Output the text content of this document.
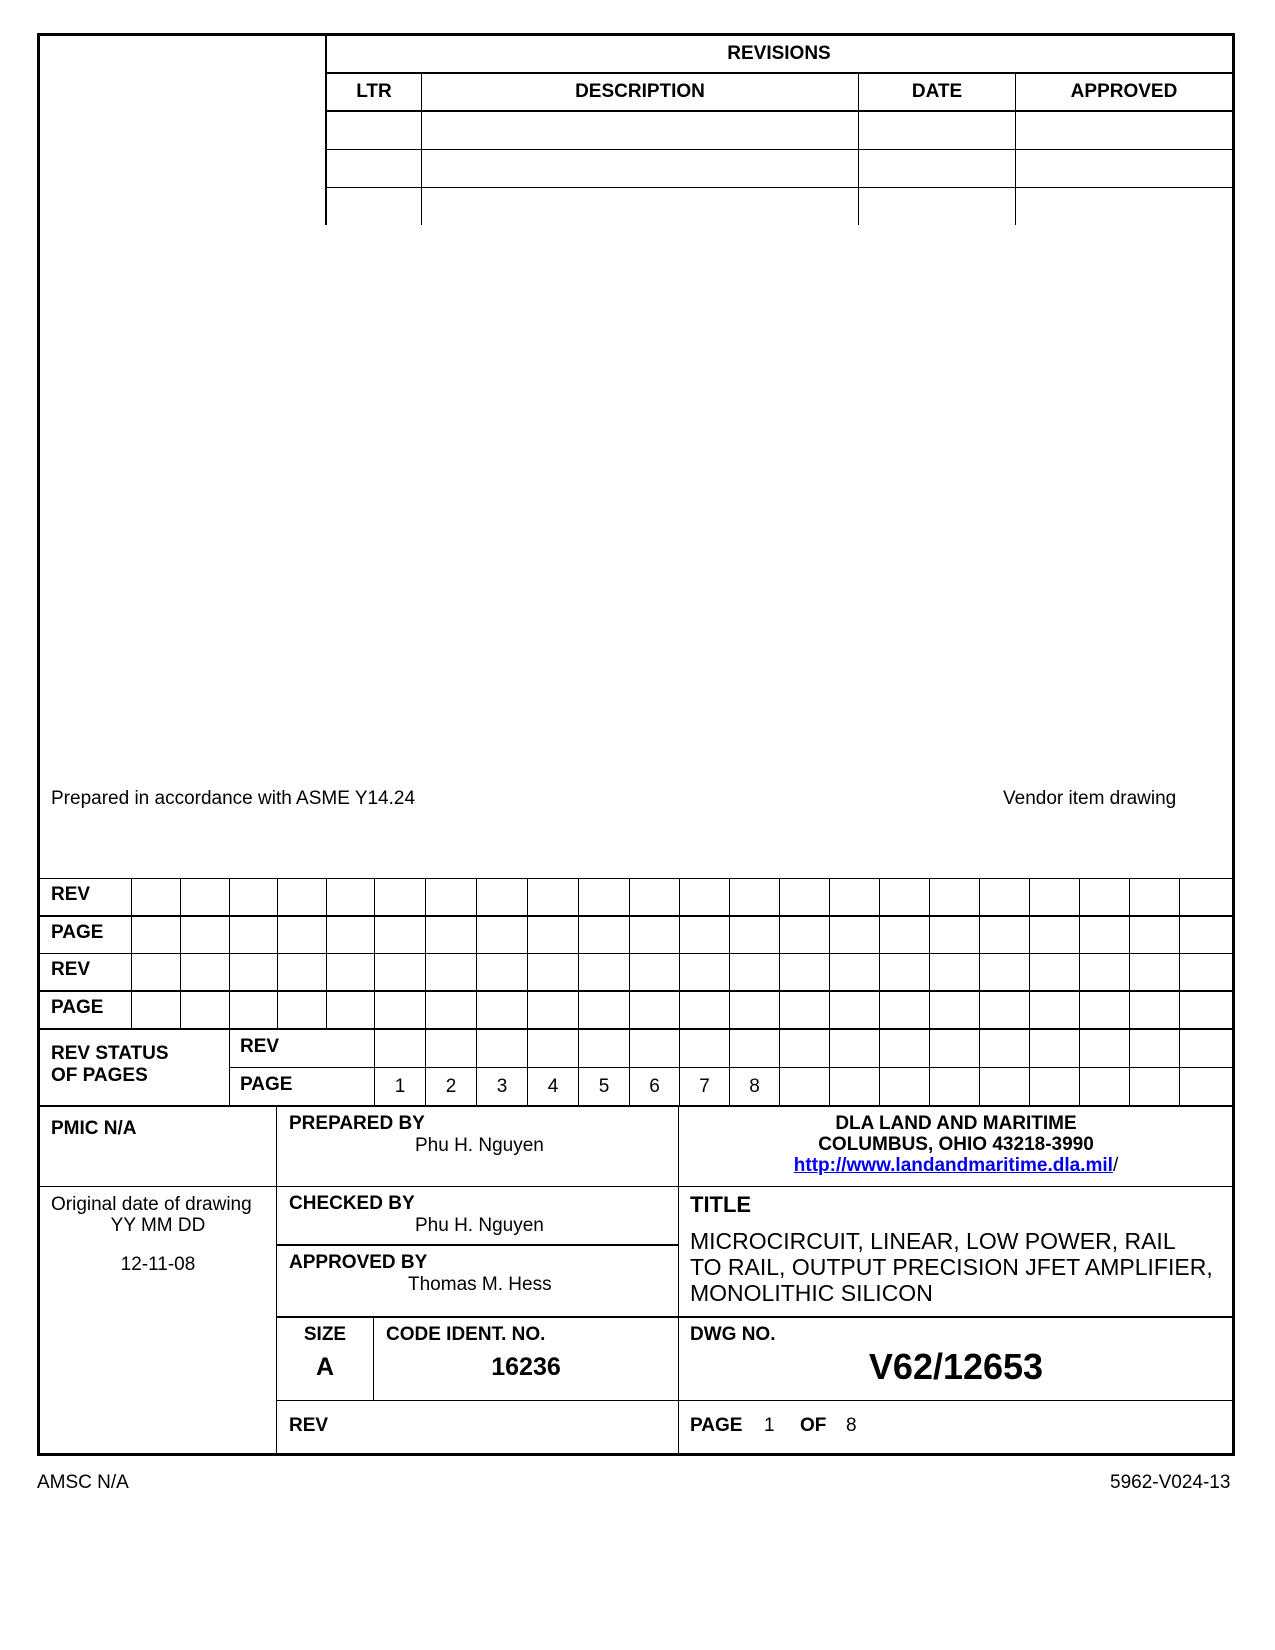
REVISIONS
LTR	DESCRIPTION	DATE	APPROVED
Prepared in accordance with ASME Y14.24	Vendor item drawing
REV
PAGE
REV
PAGE
REV STATUS
OF PAGES
REV
PAGE	1	2	3	4	5	6	7	8
PMIC N/A	PREPARED BY
Phu H. Nguyen
DLA LAND AND MARITIME
COLUMBUS, OHIO 43218-3990
http://www.landandmaritime.dla.mil/
Original date of drawing
YY MM DD
12-11-08
CHECKED BY
Phu H. Nguyen
APPROVED BY
Thomas M. Hess
TITLE
MICROCIRCUIT, LINEAR, LOW POWER, RAIL
TO RAIL, OUTPUT PRECISION JFET AMPLIFIER,
MONOLITHIC SILICON
SIZE
A
CODE IDENT. NO.
16236
DWG NO.
V62/12653
REV	PAGE 1 OF 8
AMSC N/A	5962-V024-13
